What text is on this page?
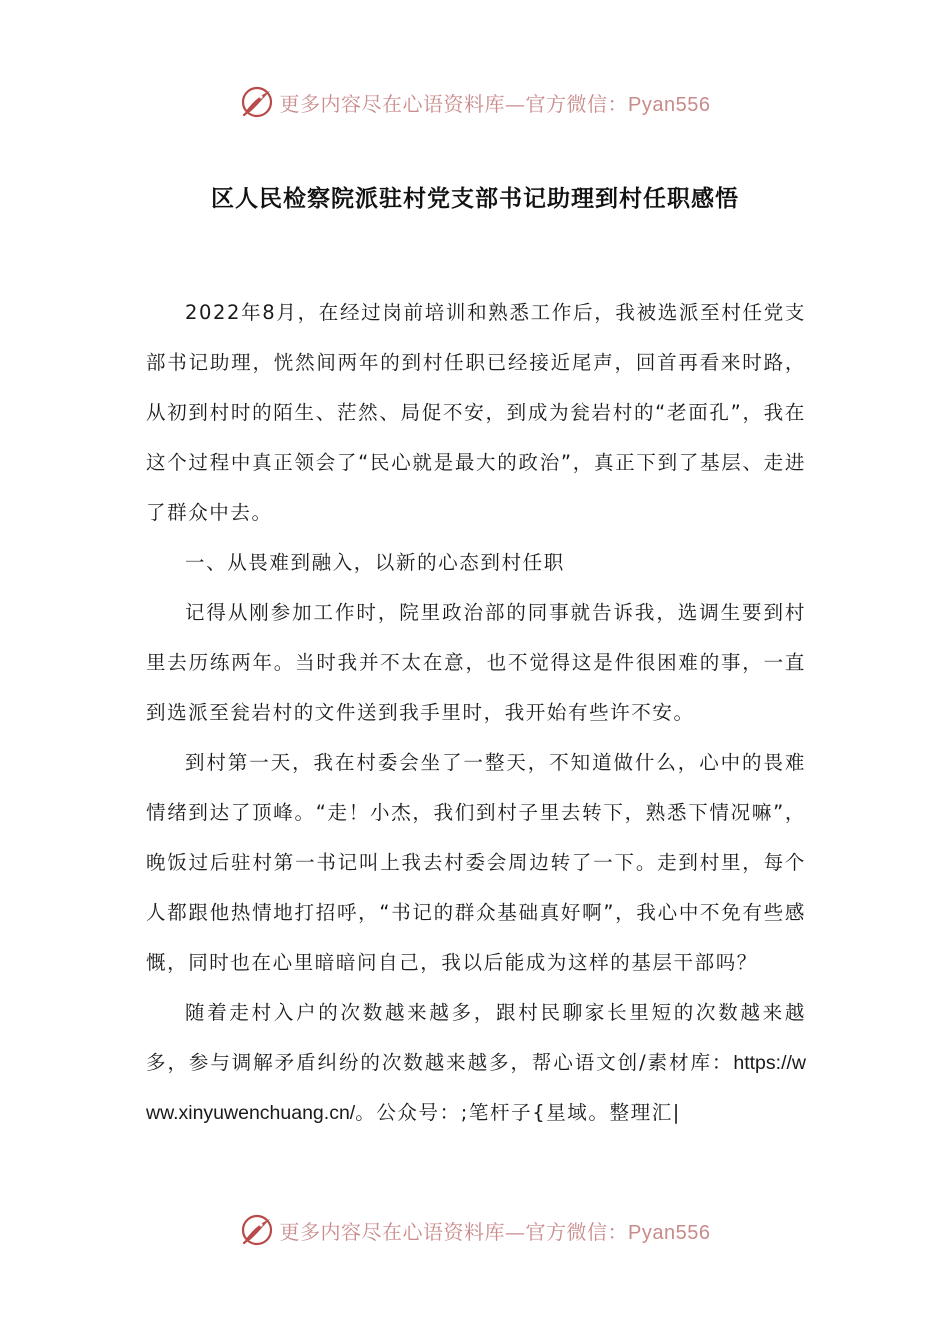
更多内容尽在心语资料库—官方微信：Pyan556
区人民检察院派驻村党支部书记助理到村任职感悟

2022年8月，在经过岗前培训和熟悉工作后，我被选派至村任党支部书记助理，恍然间两年的到村任职已经接近尾声，回首再看来时路，从初到村时的陌生、茫然、局促不安，到成为瓮岩村的“老面孔”，我在这个过程中真正领会了“民心就是最大的政治”，真正下到了基层、走进了群众中去。

一、从畏难到融入，以新的心态到村任职

记得从刚参加工作时，院里政治部的同事就告诉我，选调生要到村里去历练两年。当时我并不太在意，也不觉得这是件很困难的事，一直到选派至瓮岩村的文件送到我手里时，我开始有些许不安。

到村第一天，我在村委会坐了一整天，不知道做什么，心中的畏难情绪到达了顶峰。“走！小杰，我们到村子里去转下，熟悉下情况嘛”，晚饭过后驻村第一书记叫上我去村委会周边转了一下。走到村里，每个人都跟他热情地打招呼，“书记的群众基础真好啊”，我心中不免有些感慨，同时也在心里暗暗问自己，我以后能成为这样的基层干部吗？

随着走村入户的次数越来越多，跟村民聊家长里短的次数越来越多，参与调解矛盾纠纷的次数越来越多，帮心语文创/素材库：https://www.xinyuwenchuang.cn/。公众号：;笔杆子{星域。整理汇|

更多内容尽在心语资料库—官方微信：Pyan556
